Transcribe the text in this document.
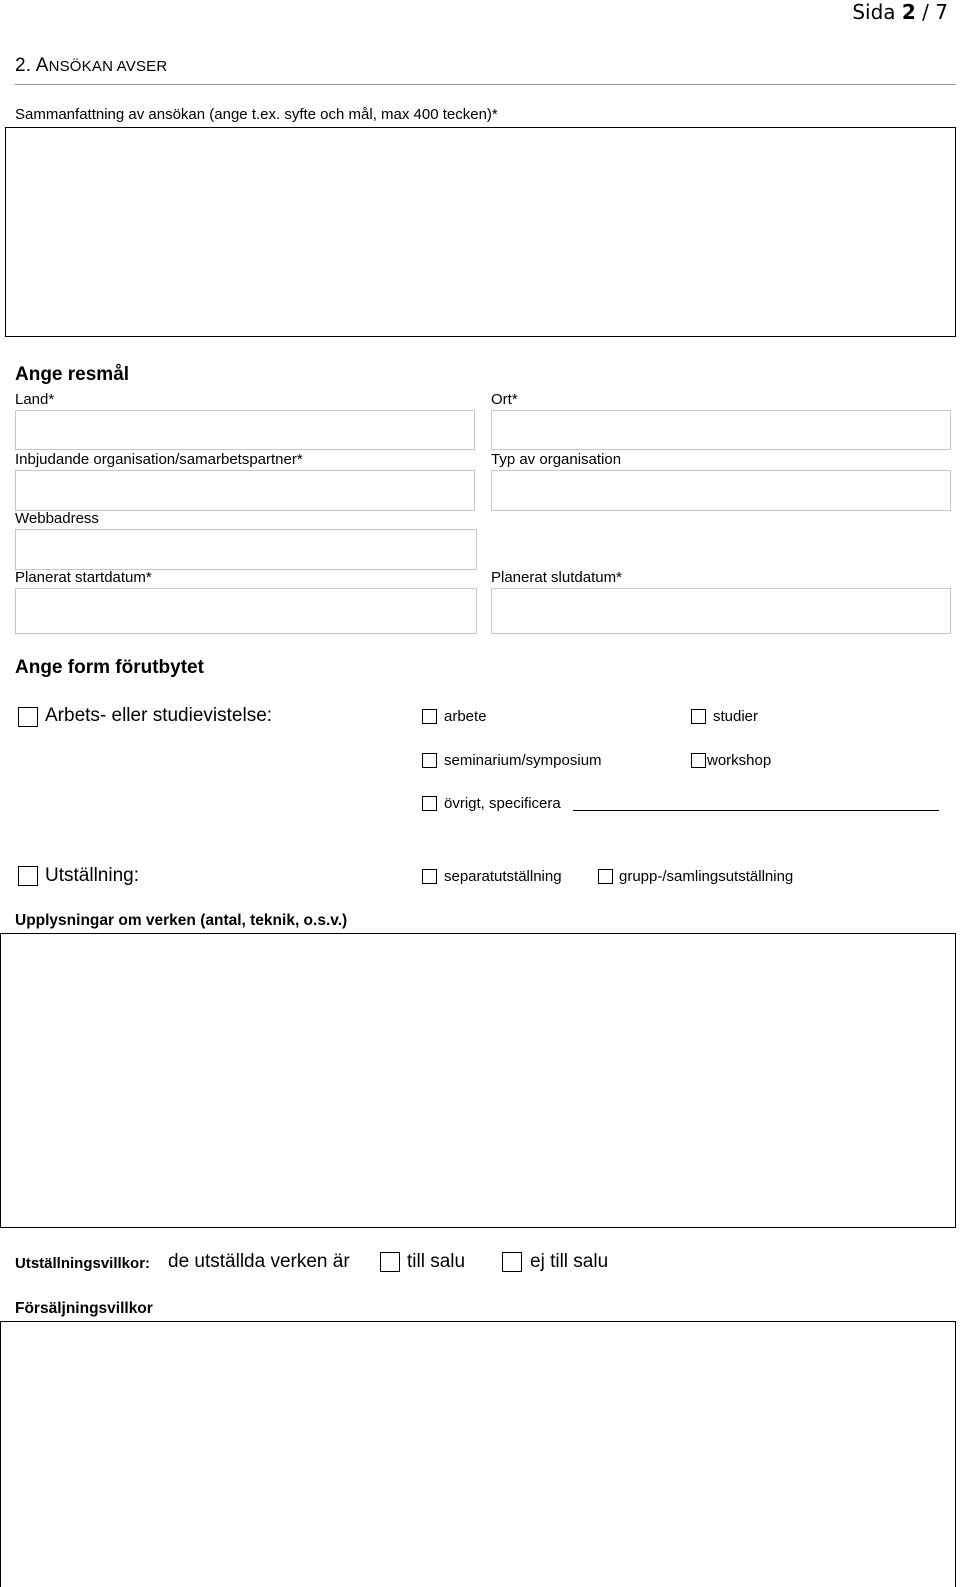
Sida 2 / 7
2. ANSÖKAN AVSER
Sammanfattning av ansökan (ange t.ex. syfte och mål, max 400 tecken)*
Ange resmål
Land*	Ort*
Inbjudande organisation/samarbetspartner*	Typ av organisation
Webbadress
Planerat startdatum*	Planerat slutdatum*
Ange form förutbytet
Arbets- eller studievistelse:	arbete	studier
seminarium/symposium	workshop
övrigt, specificera
Utställning:	separatutställning	grupp-/samlingsutställning
Upplysningar om verken (antal, teknik, o.s.v.)
Utställningsvillkor: de utställda verken är	till salu	ej till salu
Försäljningsvillkor
